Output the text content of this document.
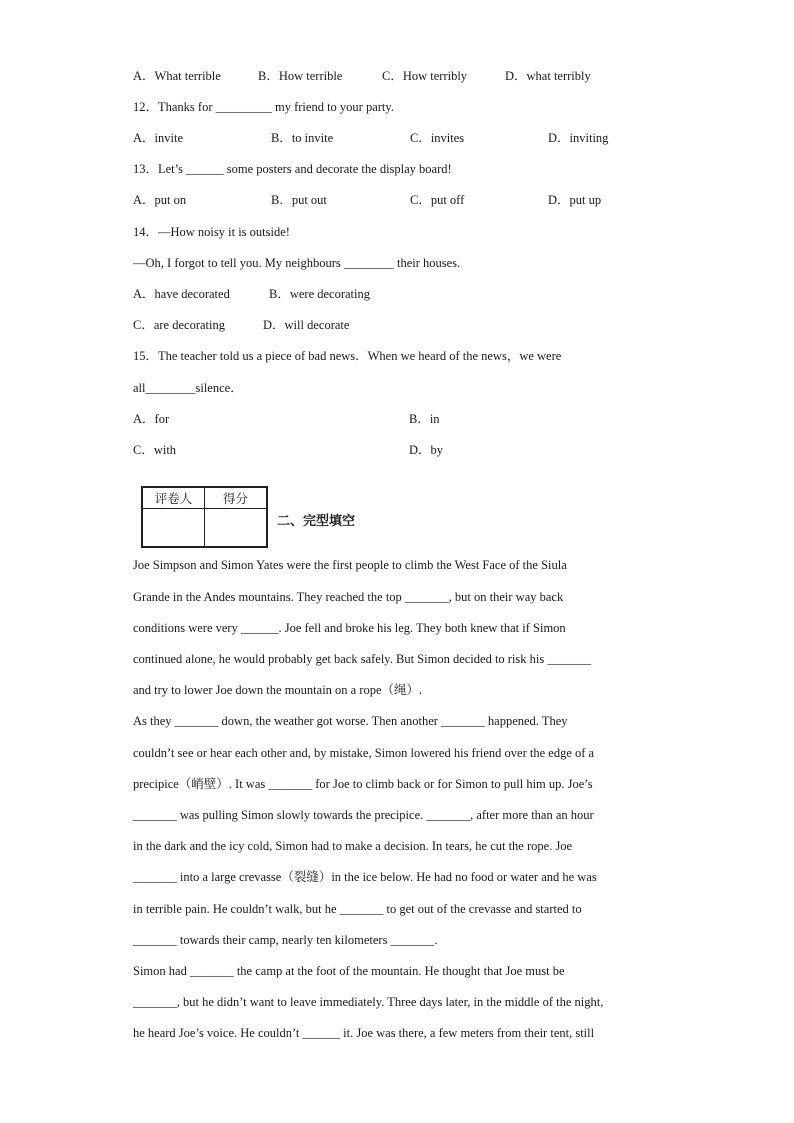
A．What terrible	B．How terrible	C．How terribly	D．what terribly
12．Thanks for _________ my friend to your party.
A．invite	B．to invite	C．invites	D．inviting
13．Let’s ______ some posters and decorate the display board!
A．put on	B．put out	C．put off	D．put up
14．—How noisy it is outside!
—Oh, I forgot to tell you. My neighbours ________ their houses.
A．have decorated	B．were decorating
C．are decorating	D．will decorate
15．The teacher told us a piece of bad news．When we heard of the news，we were
all________silence．
A．for	B．in
C．with	D．by
评卷人	得分

二、完型填空
Joe Simpson and Simon Yates were the first people to climb the West Face of the Siula
Grande in the Andes mountains. They reached the top _______, but on their way back
conditions were very ______. Joe fell and broke his leg. They both knew that if Simon
continued alone, he would probably get back safely. But Simon decided to risk his _______
and try to lower Joe down the mountain on a rope（绳）.
As they _______ down, the weather got worse. Then another _______ happened. They
couldn’t see or hear each other and, by mistake, Simon lowered his friend over the edge of a
precipice（峭壁）. It was _______ for Joe to climb back or for Simon to pull him up. Joe’s
_______ was pulling Simon slowly towards the precipice. _______, after more than an hour
in the dark and the icy cold, Simon had to make a decision. In tears, he cut the rope. Joe
_______ into a large crevasse（裂缝）in the ice below. He had no food or water and he was
in terrible pain. He couldn’t walk, but he _______ to get out of the crevasse and started to
_______ towards their camp, nearly ten kilometers _______.
Simon had _______ the camp at the foot of the mountain. He thought that Joe must be
_______, but he didn’t want to leave immediately. Three days later, in the middle of the night,
he heard Joe’s voice. He couldn’t ______ it. Joe was there, a few meters from their tent, still
